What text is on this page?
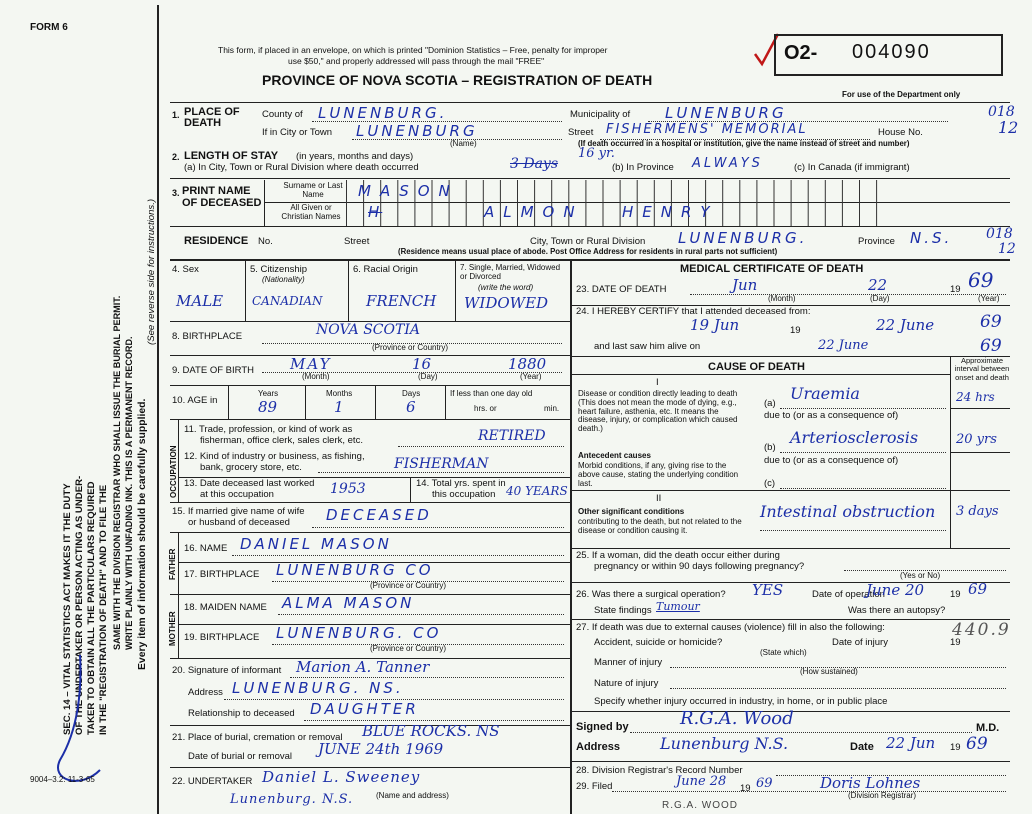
FORM 6
SEC. 14 – VITAL STATISTICS ACT MAKES IT THE DUTY OF THE UNDERTAKER OR PERSON ACTING AS UNDER- TAKER TO OBTAIN ALL THE PARTICULARS REQUIRED IN THE "REGISTRATION OF DEATH" AND TO FILE THE SAME WITH THE DIVISION REGISTRAR WHO SHALL ISSUE THE BURIAL PERMIT. WRITE PLAINLY WITH UNFADING INK. THIS IS A PERMANENT RECORD. Every item of information should be carefully supplied.
(See reverse side for instructions.)
9004–3.2: 11-3-65
This form, if placed in an envelope, on which is printed "Dominion Statistics – Free, penalty for improper
use $50," and properly addressed will pass through the mail "FREE"
PROVINCE OF NOVA SCOTIA – REGISTRATION OF DEATH
O2- 004090
For use of the Department only
1. PLACE OF DEATH
County of LUNENBURG.	Municipality of LUNENBURG	018
If in City or Town LUNENBURG
(Name)
Street FISHERMENS' MEMORIAL	House No.	12
(If death occurred in a hospital or institution, give the name instead of street and number)
2. LENGTH OF STAY (in years, months and days)
(a) In City, Town or Rural Division where death occurred	3 Days
16 yr.
(b) In Province ALWAYS	(c) In Canada (if immigrant)
3. PRINT NAME OF DECEASED
Surname or Last Name
All Given or Christian Names
MASON
H	ALMON	HENRY
RESIDENCE No.	Street	City, Town or Rural Division LUNENBURG.	Province N.S. 018
12
(Residence means usual place of abode. Post Office Address for residents in rural parts not sufficient)
4. Sex
MALE
5. Citizenship
(Nationality)
CANADIAN
6. Racial Origin
FRENCH
7. Single, Married, Widowed or Divorced
(write the word)
WIDOWED
8. BIRTHPLACE	NOVA SCOTIA
(Province or Country)
9. DATE OF BIRTH MAY	16	1880
(Month)	(Day)	(Year)
10. AGE in
Years	Months	Days
89	1	6
If less than one day old
hrs. or	min.
OCCUPATION
11. Trade, profession, or kind of work as
fisherman, office clerk, sales clerk, etc.	RETIRED
12. Kind of industry or business, as fishing,
bank, grocery store, etc.	FISHERMAN
13. Date deceased last worked
at this occupation	1953	14. Total yrs. spent in
this occupation 40 YEARS
15. If married give name of wife
or husband of deceased DECEASED
FATHER
16. NAME DANIEL MASON
17. BIRTHPLACE LUNENBURG CO
(Province or Country)
MOTHER
18. MAIDEN NAME ALMA MASON
19. BIRTHPLACE LUNENBURG. CO
(Province or Country)
20. Signature of informant Marion A. Tanner
Address LUNENBURG. NS.
Relationship to deceased DAUGHTER
21. Place of burial, cremation or removal BLUE ROCKS. NS
Date of burial or removal JUNE 24th 1969
22. UNDERTAKER Daniel L. Sweeney
Lunenburg. N.S.	(Name and address)
R.G.A. WOOD
MEDICAL CERTIFICATE OF DEATH
23. DATE OF DEATH	Jun	22	19 69
(Month)	(Day)	(Year)
24. I HEREBY CERTIFY that I attended deceased from:
19 Jun	19	22 June	69
and last saw him alive on	22 June	69
CAUSE OF DEATH
Approximate interval between onset and death
I
Disease or condition directly leading to death (This does not mean the mode of dying, e.g., heart failure, asthenia, etc. It means the disease, injury, or complication which caused death.)
(a)
Uraemia	24 hrs
due to (or as a consequence of)
Antecedent causes
Morbid conditions, if any, giving rise to the above cause, stating the underlying condition last.
(b)
Arteriosclerosis	20 yrs
due to (or as a consequence of)
(c)
II
Other significant conditions
contributing to the death, but not related to the disease or condition causing it.
Intestinal obstruction 3 days
25. If a woman, did the death occur either during
pregnancy or within 90 days following pregnancy?
(Yes or No)
26. Was there a surgical operation? YES	Date of operation
June 20	19 69
State findings Tumour	Was there an autopsy?
27. If death was due to external causes (violence) fill in also the following:	440.9
Accident, suicide or homicide?	Date of injury	19
(State which)
Manner of injury
(How sustained)
Nature of injury
Specify whether injury occurred in industry, in home, or in public place
Signed by	R.G.A. Wood	M.D.
Address Lunenburg N.S.	Date 22 Jun 19 69
28. Division Registrar's Record Number
29. Filed	June 28 19 69	Doris Lohnes
(Division Registrar)
